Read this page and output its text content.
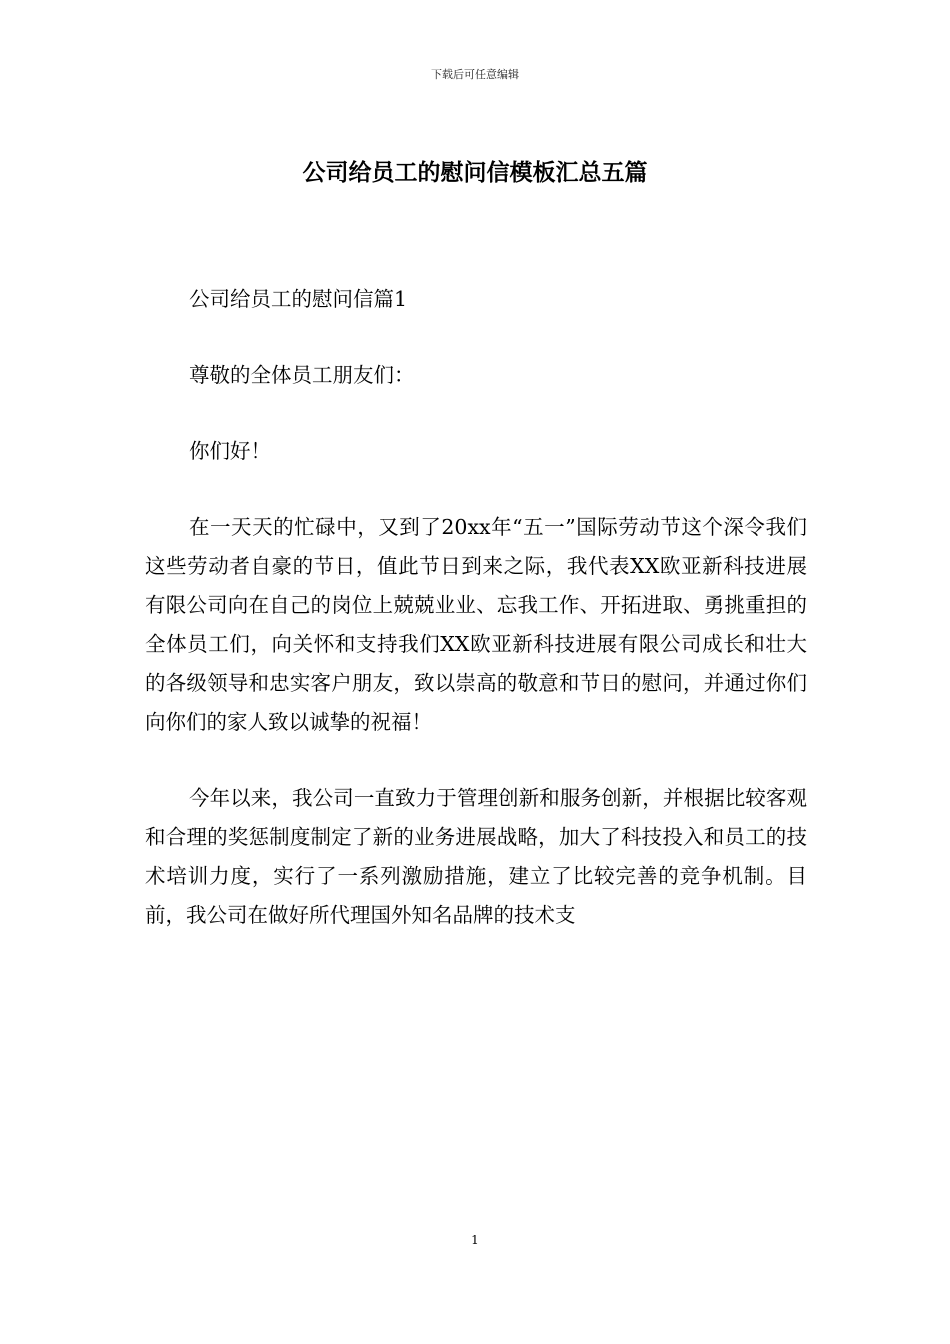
下载后可任意编辑
公司给员工的慰问信模板汇总五篇

公司给员工的慰问信篇1

尊敬的全体员工朋友们：

你们好！

在一天天的忙碌中，又到了20xx年“五一”国际劳动节这个深令我们这些劳动者自豪的节日，值此节日到来之际，我代表XX欧亚新科技进展有限公司向在自己的岗位上兢兢业业、忘我工作、开拓进取、勇挑重担的全体员工们，向关怀和支持我们XX欧亚新科技进展有限公司成长和壮大的各级领导和忠实客户朋友，致以崇高的敬意和节日的慰问，并通过你们向你们的家人致以诚挚的祝福！

今年以来，我公司一直致力于管理创新和服务创新，并根据比较客观和合理的奖惩制度制定了新的业务进展战略，加大了科技投入和员工的技术培训力度，实行了一系列激励措施，建立了比较完善的竞争机制。目前，我公司在做好所代理国外知名品牌的技术支

1
